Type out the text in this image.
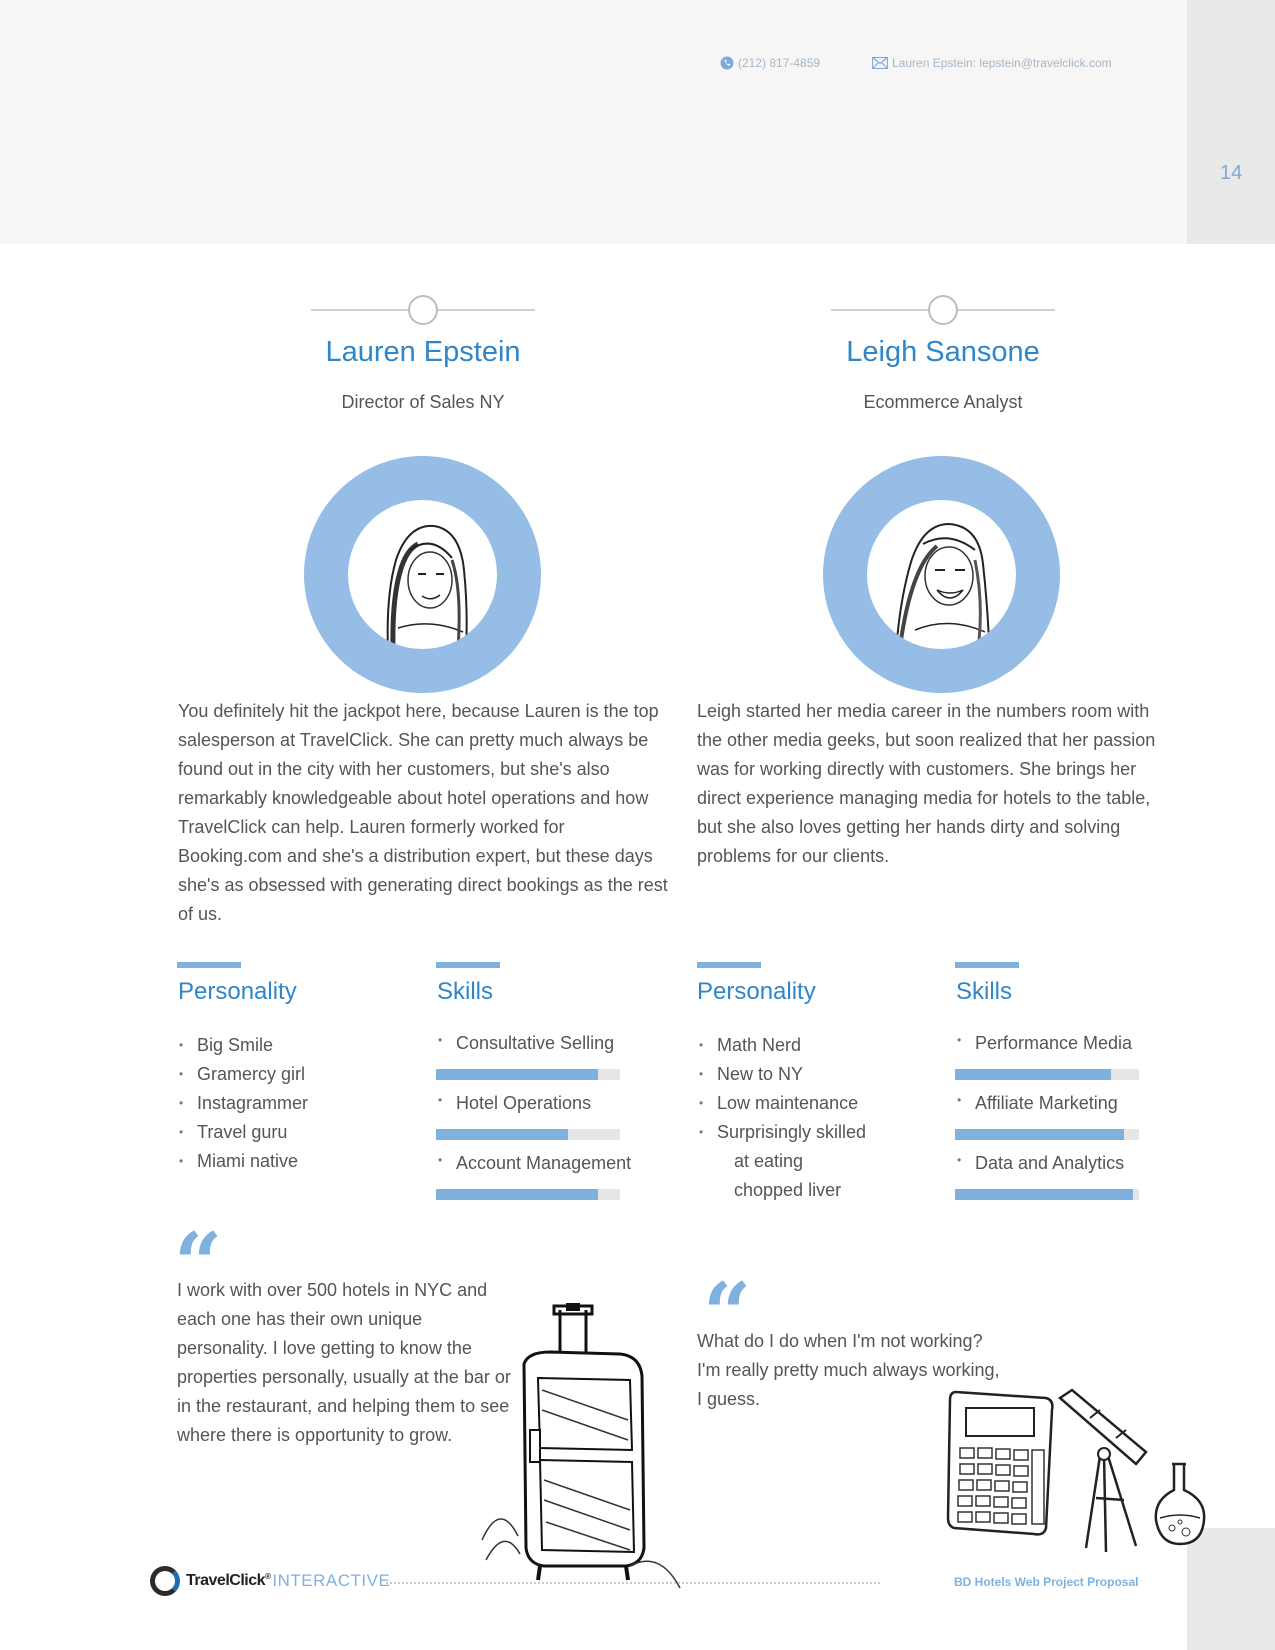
14
(212) 817-4859	Lauren Epstein: lepstein@travelclick.com
Lauren Epstein
Director of Sales NY
You definitely hit the jackpot here, because Lauren is the top salesperson at TravelClick. She can pretty much always be found out in the city with her customers, but she's also remarkably knowledgeable about hotel operations and how TravelClick can help. Lauren formerly worked for Booking.com and she's a distribution expert, but these days she's as obsessed with generating direct bookings as the rest of us.
Personality
• Big Smile
• Gramercy girl
• Instagrammer
• Travel guru
• Miami native
Skills
• Consultative Selling
• Hotel Operations
• Account Management
“
I work with over 500 hotels in NYC and each one has their own unique personality. I love getting to know the properties personally, usually at the bar or in the restaurant, and helping them to see where there is opportunity to grow.
Leigh Sansone
Ecommerce Analyst
Leigh started her media career in the numbers room with the other media geeks, but soon realized that her passion was for working directly with customers. She brings her direct experience managing media for hotels to the table, but she also loves getting her hands dirty and solving problems for our clients.
Personality
• Math Nerd
• New to NY
• Low maintenance
• Surprisingly skilled
at eating
chopped liver
Skills
• Performance Media
• Affiliate Marketing
• Data and Analytics
“
What do I do when I'm not working? I'm really pretty much always working, I guess.
TravelClick® INTERACTIVE	BD Hotels Web Project Proposal
